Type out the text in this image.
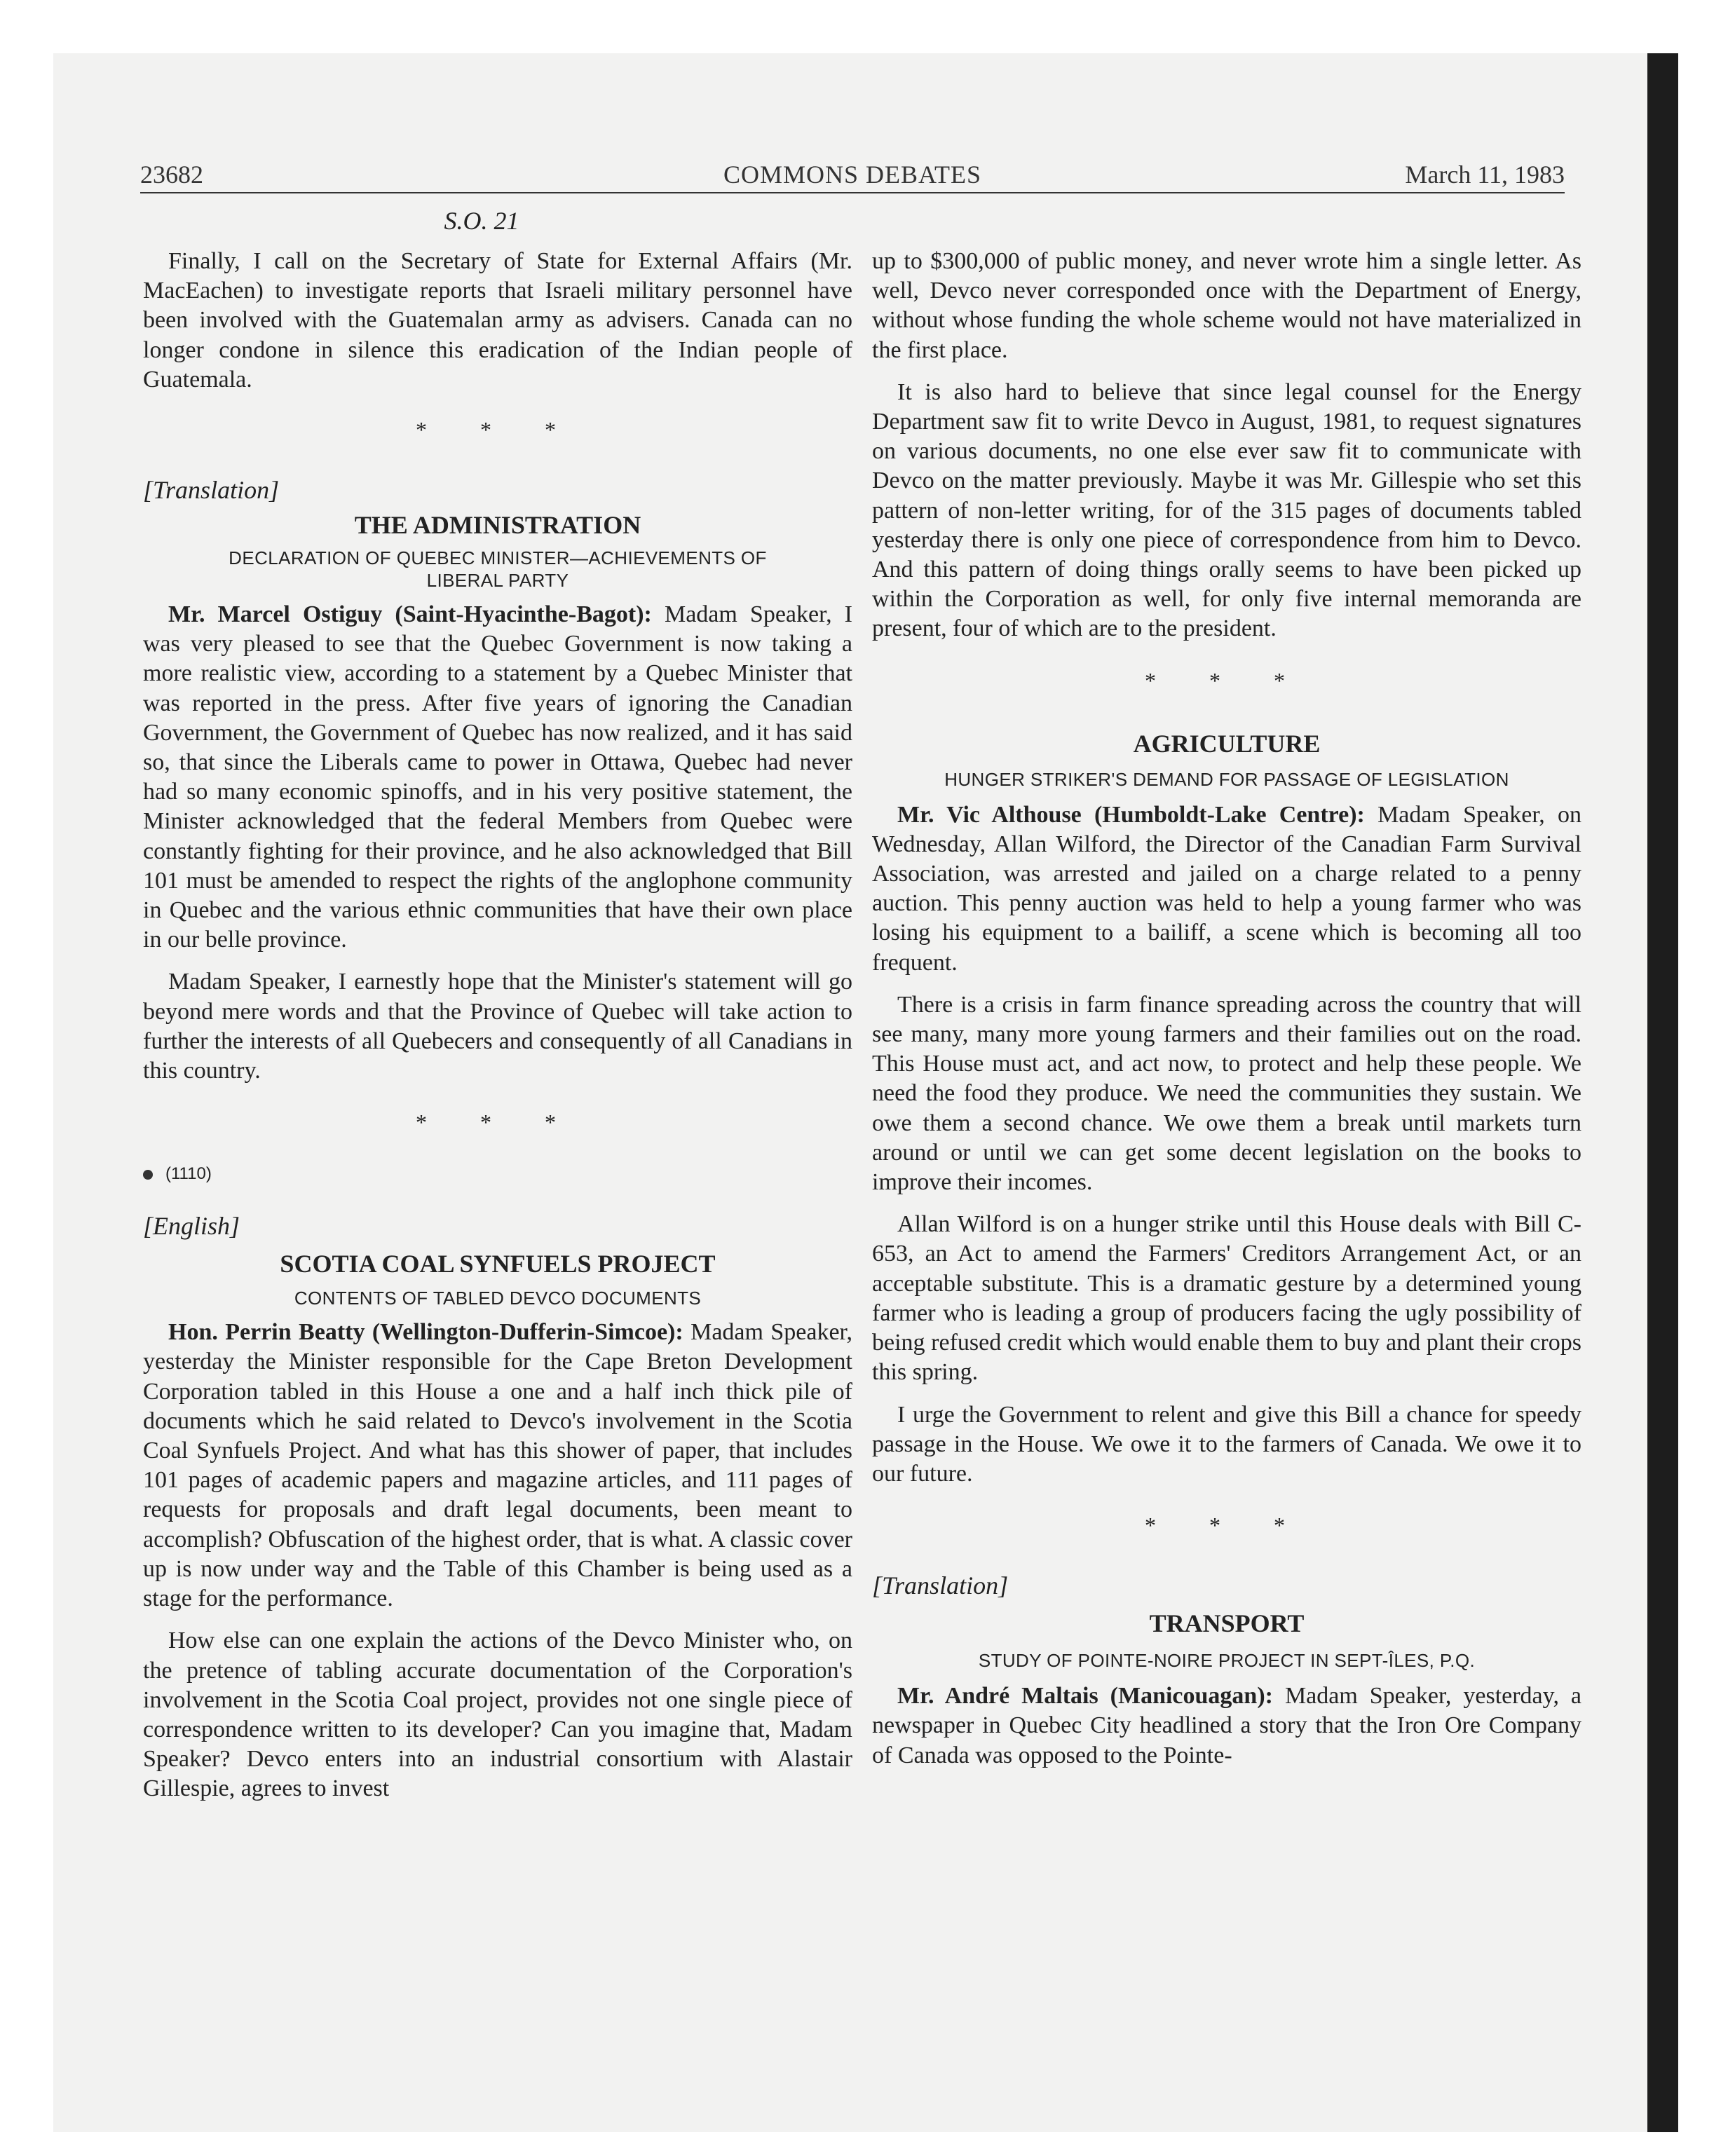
23682	COMMONS DEBATES	March 11, 1983
S.O. 21

Finally, I call on the Secretary of State for External Affairs (Mr. MacEachen) to investigate reports that Israeli military personnel have been involved with the Guatemalan army as advisers. Canada can no longer condone in silence this eradication of the Indian people of Guatemala.

* * *

[Translation]

THE ADMINISTRATION

DECLARATION OF QUEBEC MINISTER—ACHIEVEMENTS OF
LIBERAL PARTY

Mr. Marcel Ostiguy (Saint-Hyacinthe-Bagot): Madam Speaker, I was very pleased to see that the Quebec Government is now taking a more realistic view, according to a statement by a Quebec Minister that was reported in the press. After five years of ignoring the Canadian Government, the Government of Quebec has now realized, and it has said so, that since the Liberals came to power in Ottawa, Quebec had never had so many economic spinoffs, and in his very positive statement, the Minister acknowledged that the federal Members from Quebec were constantly fighting for their province, and he also acknowledged that Bill 101 must be amended to respect the rights of the anglophone community in Quebec and the various ethnic communities that have their own place in our belle province.

Madam Speaker, I earnestly hope that the Minister's statement will go beyond mere words and that the Province of Quebec will take action to further the interests of all Quebecers and consequently of all Canadians in this country.

* * *

(1110)

[English]

SCOTIA COAL SYNFUELS PROJECT

CONTENTS OF TABLED DEVCO DOCUMENTS

Hon. Perrin Beatty (Wellington-Dufferin-Simcoe): Madam Speaker, yesterday the Minister responsible for the Cape Breton Development Corporation tabled in this House a one and a half inch thick pile of documents which he said related to Devco's involvement in the Scotia Coal Synfuels Project. And what has this shower of paper, that includes 101 pages of academic papers and magazine articles, and 111 pages of requests for proposals and draft legal documents, been meant to accomplish? Obfuscation of the highest order, that is what. A classic cover up is now under way and the Table of this Chamber is being used as a stage for the performance.

How else can one explain the actions of the Devco Minister who, on the pretence of tabling accurate documentation of the Corporation's involvement in the Scotia Coal project, provides not one single piece of correspondence written to its developer? Can you imagine that, Madam Speaker? Devco enters into an industrial consortium with Alastair Gillespie, agrees to invest

up to $300,000 of public money, and never wrote him a single letter. As well, Devco never corresponded once with the Department of Energy, without whose funding the whole scheme would not have materialized in the first place.

It is also hard to believe that since legal counsel for the Energy Department saw fit to write Devco in August, 1981, to request signatures on various documents, no one else ever saw fit to communicate with Devco on the matter previously. Maybe it was Mr. Gillespie who set this pattern of non-letter writing, for of the 315 pages of documents tabled yesterday there is only one piece of correspondence from him to Devco. And this pattern of doing things orally seems to have been picked up within the Corporation as well, for only five internal memoranda are present, four of which are to the president.

* * *

AGRICULTURE

HUNGER STRIKER'S DEMAND FOR PASSAGE OF LEGISLATION

Mr. Vic Althouse (Humboldt-Lake Centre): Madam Speaker, on Wednesday, Allan Wilford, the Director of the Canadian Farm Survival Association, was arrested and jailed on a charge related to a penny auction. This penny auction was held to help a young farmer who was losing his equipment to a bailiff, a scene which is becoming all too frequent.

There is a crisis in farm finance spreading across the country that will see many, many more young farmers and their families out on the road. This House must act, and act now, to protect and help these people. We need the food they produce. We need the communities they sustain. We owe them a second chance. We owe them a break until markets turn around or until we can get some decent legislation on the books to improve their incomes.

Allan Wilford is on a hunger strike until this House deals with Bill C-653, an Act to amend the Farmers' Creditors Arrangement Act, or an acceptable substitute. This is a dramatic gesture by a determined young farmer who is leading a group of producers facing the ugly possibility of being refused credit which would enable them to buy and plant their crops this spring.

I urge the Government to relent and give this Bill a chance for speedy passage in the House. We owe it to the farmers of Canada. We owe it to our future.

* * *

[Translation]

TRANSPORT

STUDY OF POINTE-NOIRE PROJECT IN SEPT-ÎLES, P.Q.

Mr. André Maltais (Manicouagan): Madam Speaker, yesterday, a newspaper in Quebec City headlined a story that the Iron Ore Company of Canada was opposed to the Pointe-
